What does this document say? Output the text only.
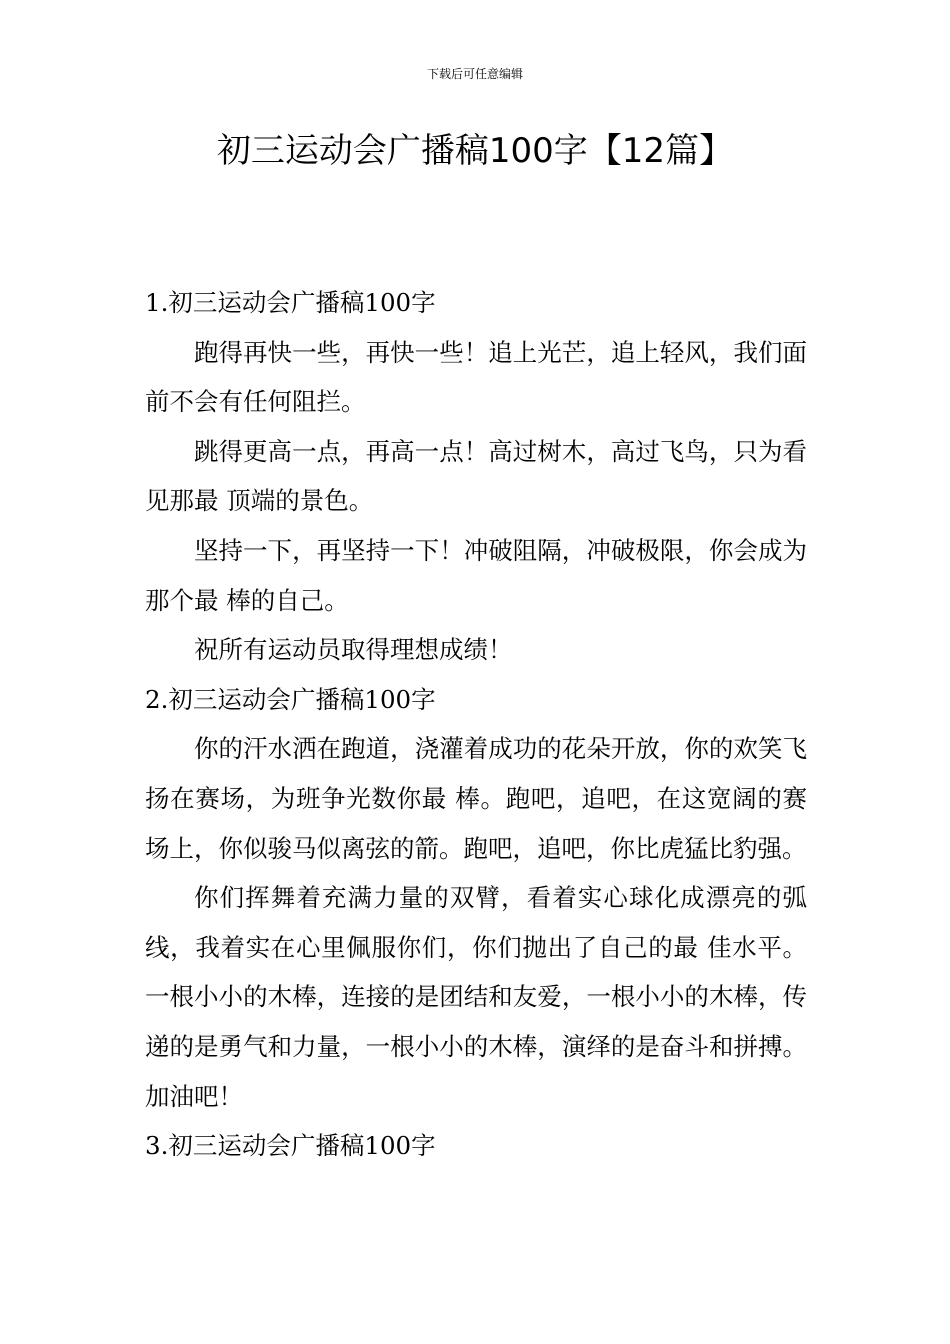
下载后可任意编辑
初三运动会广播稿100字【12篇】

1.初三运动会广播稿100字

跑得再快一些，再快一些！追上光芒，追上轻风，我们面前不会有任何阻拦。

跳得更高一点，再高一点！高过树木，高过飞鸟，只为看见那最 顶端的景色。

坚持一下，再坚持一下！冲破阻隔，冲破极限，你会成为那个最 棒的自己。

祝所有运动员取得理想成绩！

2.初三运动会广播稿100字

你的汗水洒在跑道，浇灌着成功的花朵开放，你的欢笑飞扬在赛场，为班争光数你最 棒。跑吧，追吧，在这宽阔的赛场上，你似骏马似离弦的箭。跑吧，追吧，你比虎猛比豹强。

你们挥舞着充满力量的双臂，看着实心球化成漂亮的弧线，我着实在心里佩服你们，你们抛出了自己的最 佳水平。一根小小的木棒，连接的是团结和友爱，一根小小的木棒，传递的是勇气和力量，一根小小的木棒，演绎的是奋斗和拼搏。加油吧！

3.初三运动会广播稿100字
